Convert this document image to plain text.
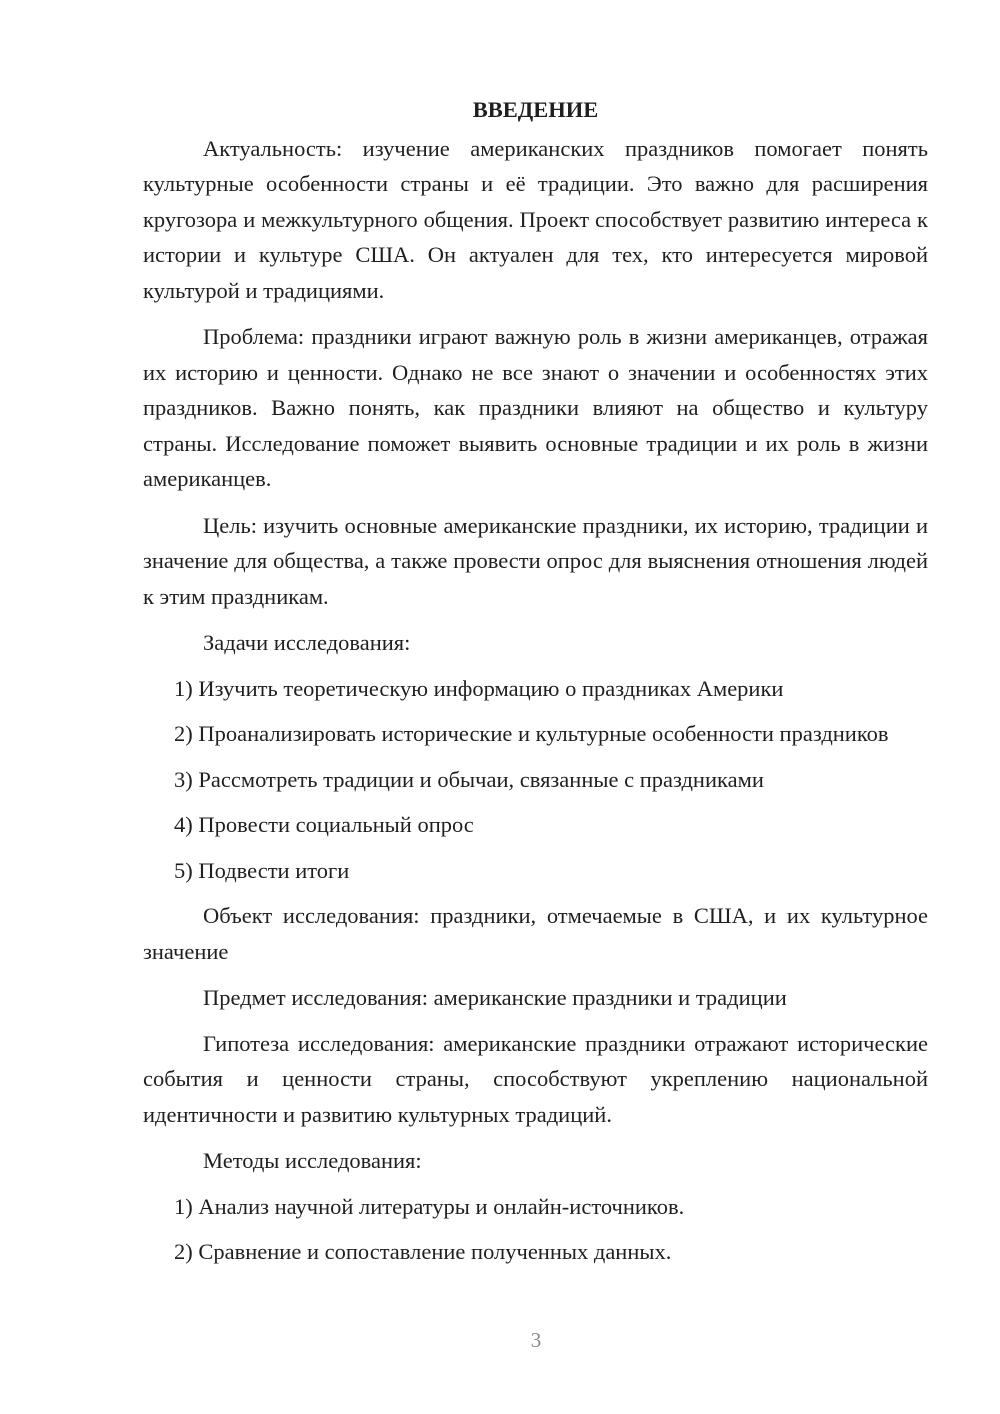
ВВЕДЕНИЕ

Актуальность: изучение американских праздников помогает понять культурные особенности страны и её традиции. Это важно для расширения кругозора и межкультурного общения. Проект способствует развитию интереса к истории и культуре США. Он актуален для тех, кто интересуется мировой культурой и традициями.

Проблема: праздники играют важную роль в жизни американцев, отражая их историю и ценности. Однако не все знают о значении и особенностях этих праздников. Важно понять, как праздники влияют на общество и культуру страны. Исследование поможет выявить основные традиции и их роль в жизни американцев.

Цель: изучить основные американские праздники, их историю, традиции и значение для общества, а также провести опрос для выяснения отношения людей к этим праздникам.

Задачи исследования:

1) Изучить теоретическую информацию о праздниках Америки

2) Проанализировать исторические и культурные особенности праздников

3) Рассмотреть традиции и обычаи, связанные с праздниками

4) Провести социальный опрос

5) Подвести итоги

Объект исследования: праздники, отмечаемые в США, и их культурное значение

Предмет исследования: американские праздники и традиции

Гипотеза исследования: американские праздники отражают исторические события и ценности страны, способствуют укреплению национальной идентичности и развитию культурных традиций.

Методы исследования:

1) Анализ научной литературы и онлайн-источников.

2) Сравнение и сопоставление полученных данных.

3
